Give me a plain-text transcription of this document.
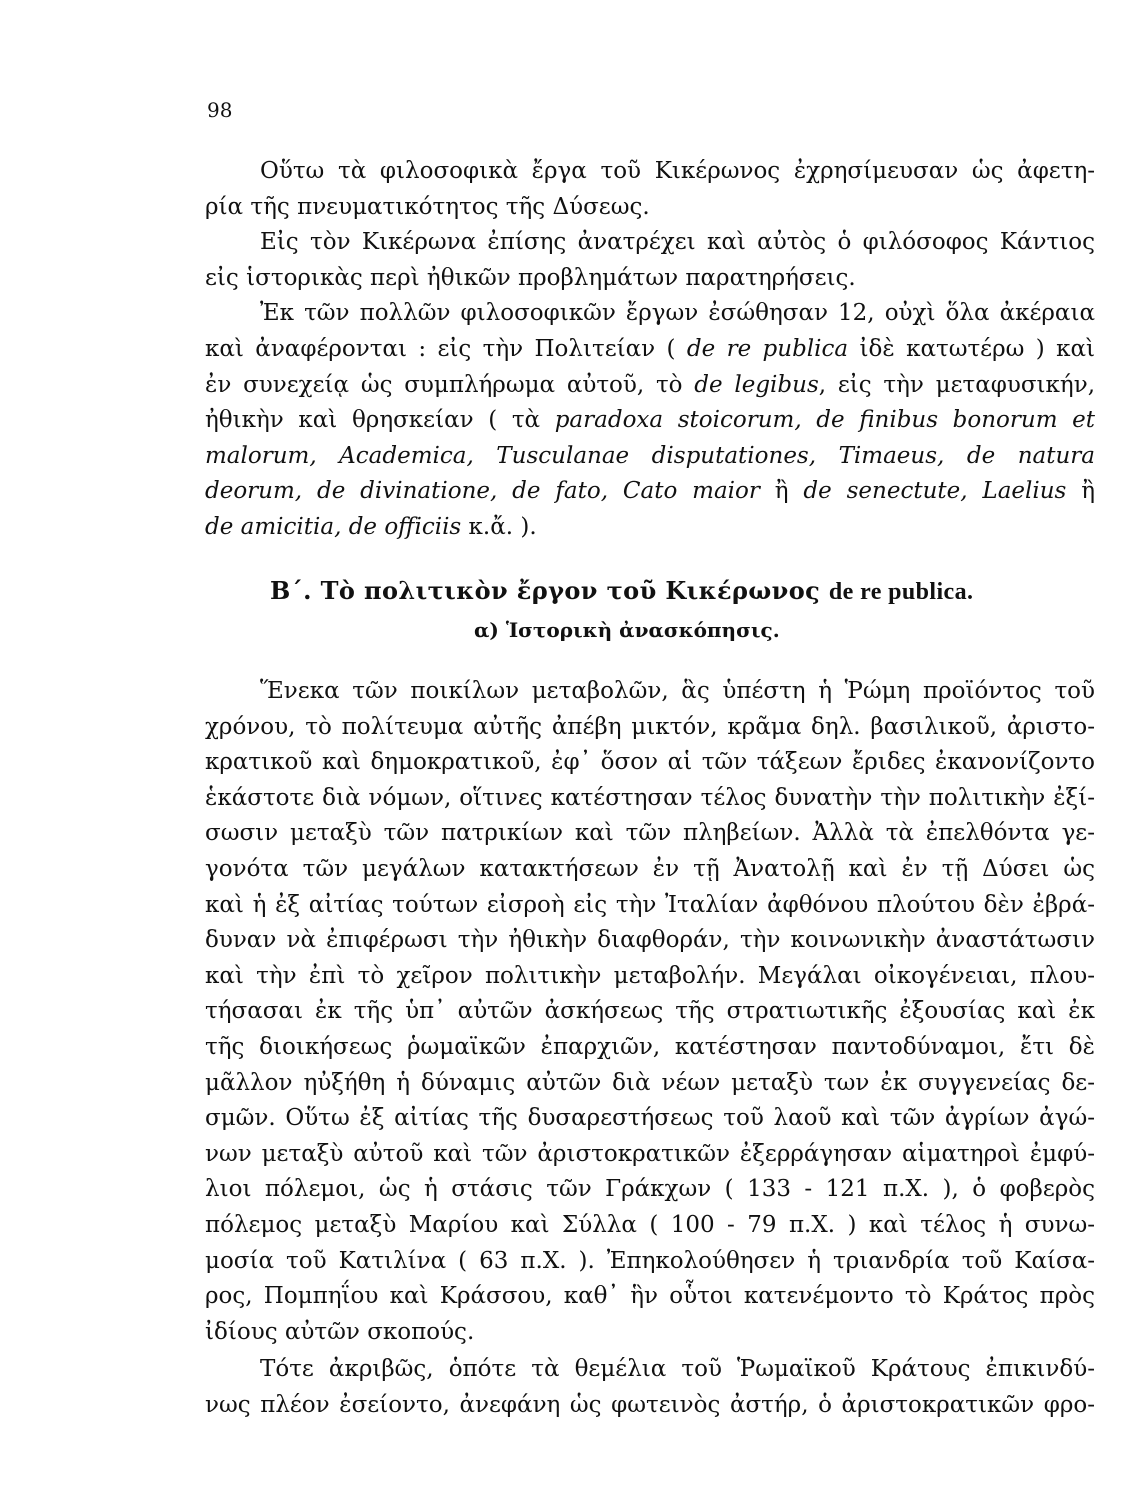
98
Οὕτω τὰ φιλοσοφικὰ ἔργα τοῦ Κικέρωνος ἐχρησίμευσαν ὡς ἀφετη-
ρία τῆς πνευματικότητος τῆς Δύσεως.
Εἰς τὸν Κικέρωνα ἐπίσης ἀνατρέχει καὶ αὐτὸς ὁ φιλόσοφος Κάντιος
εἰς ἱστορικὰς περὶ ἠθικῶν προβλημάτων παρατηρήσεις.
Ἐκ τῶν πολλῶν φιλοσοφικῶν ἔργων ἐσώθησαν 12, οὐχὶ ὅλα ἀκέραια
καὶ ἀναφέρονται : εἰς τὴν Πολιτείαν ( de re publica ἰδὲ κατωτέρω ) καὶ
ἐν συνεχείᾳ ὡς συμπλήρωμα αὐτοῦ, τὸ de legibus, εἰς τὴν μεταφυσικήν,
ἠθικὴν καὶ θρησκείαν ( τὰ paradoxa stoicorum, de finibus bonorum et
malorum, Academica, Tusculanae disputationes, Timaeus, de natura
deorum, de divinatione, de fato, Cato maior ἢ de senectute, Laelius ἢ
de amicitia, de officiis κ.ἄ. ).
Β΄. Τὸ πολιτικὸν ἔργον τοῦ Κικέρωνος de re publica.
α) Ἱστορικὴ ἀνασκόπησις.
Ἕνεκα τῶν ποικίλων μεταβολῶν, ἃς ὑπέστη ἡ Ῥώμη προϊόντος τοῦ
χρόνου, τὸ πολίτευμα αὐτῆς ἀπέβη μικτόν, κρᾶμα δηλ. βασιλικοῦ, ἀριστο-
κρατικοῦ καὶ δημοκρατικοῦ, ἐφ᾽ ὅσον αἱ τῶν τάξεων ἔριδες ἐκανονίζοντο
ἑκάστοτε διὰ νόμων, οἵτινες κατέστησαν τέλος δυνατὴν τὴν πολιτικὴν ἐξί-
σωσιν μεταξὺ τῶν πατρικίων καὶ τῶν πληβείων. Ἀλλὰ τὰ ἐπελθόντα γε-
γονότα τῶν μεγάλων κατακτήσεων ἐν τῇ Ἀνατολῇ καὶ ἐν τῇ Δύσει ὡς
καὶ ἡ ἐξ αἰτίας τούτων εἰσροὴ εἰς τὴν Ἰταλίαν ἀφθόνου πλούτου δὲν ἐβρά-
δυναν νὰ ἐπιφέρωσι τὴν ἠθικὴν διαφθοράν, τὴν κοινωνικὴν ἀναστάτωσιν
καὶ τὴν ἐπὶ τὸ χεῖρον πολιτικὴν μεταβολήν. Μεγάλαι οἰκογένειαι, πλου-
τήσασαι ἐκ τῆς ὑπ᾽ αὐτῶν ἀσκήσεως τῆς στρατιωτικῆς ἐξουσίας καὶ ἐκ
τῆς διοικήσεως ῥωμαϊκῶν ἐπαρχιῶν, κατέστησαν παντοδύναμοι, ἔτι δὲ
μᾶλλον ηὐξήθη ἡ δύναμις αὐτῶν διὰ νέων μεταξὺ των ἐκ συγγενείας δε-
σμῶν. Οὕτω ἐξ αἰτίας τῆς δυσαρεστήσεως τοῦ λαοῦ καὶ τῶν ἀγρίων ἀγώ-
νων μεταξὺ αὐτοῦ καὶ τῶν ἀριστοκρατικῶν ἐξερράγησαν αἱματηροὶ ἐμφύ-
λιοι πόλεμοι, ὡς ἡ στάσις τῶν Γράκχων ( 133 - 121 π.Χ. ), ὁ φοβερὸς
πόλεμος μεταξὺ Μαρίου καὶ Σύλλα ( 100 - 79 π.Χ. ) καὶ τέλος ἡ συνω-
μοσία τοῦ Κατιλίνα ( 63 π.Χ. ). Ἐπηκολούθησεν ἡ τριανδρία τοῦ Καίσα-
ρος, Πομπηΐου καὶ Κράσσου, καθ᾽ ἣν οὗτοι κατενέμοντο τὸ Κράτος πρὸς
ἰδίους αὐτῶν σκοπούς.
Τότε ἀκριβῶς, ὁπότε τὰ θεμέλια τοῦ Ῥωμαϊκοῦ Κράτους ἐπικινδύ-
νως πλέον ἐσείοντο, ἀνεφάνη ὡς φωτεινὸς ἀστήρ, ὁ ἀριστοκρατικῶν φρο-
